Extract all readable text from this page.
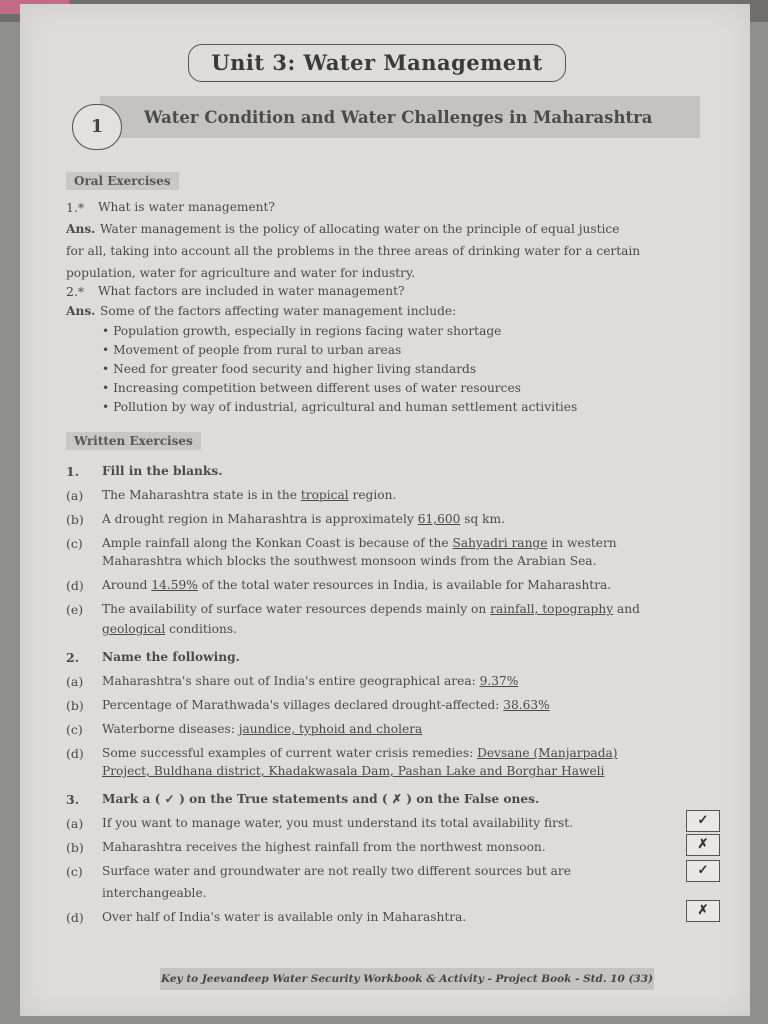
Unit 3: Water Management
1	Water Condition and Water Challenges in Maharashtra
Oral Exercises
1.* What is water management?
Ans. Water management is the policy of allocating water on the principle of equal justice
for all, taking into account all the problems in the three areas of drinking water for a certain
population, water for agriculture and water for industry.
2.* What factors are included in water management?
Ans. Some of the factors affecting water management include:
• Population growth, especially in regions facing water shortage
• Movement of people from rural to urban areas
• Need for greater food security and higher living standards
• Increasing competition between different uses of water resources
• Pollution by way of industrial, agricultural and human settlement activities
Written Exercises
1. Fill in the blanks.
(a) The Maharashtra state is in the tropical region.
(b) A drought region in Maharashtra is approximately 61,600 sq km.
(c) Ample rainfall along the Konkan Coast is because of the Sahyadri range in western
Maharashtra which blocks the southwest monsoon winds from the Arabian Sea.
(d) Around 14.59% of the total water resources in India, is available for Maharashtra.
(e) The availability of surface water resources depends mainly on rainfall, topography and
geological conditions.
2. Name the following.
(a) Maharashtra's share out of India's entire geographical area: 9.37%
(b) Percentage of Marathwada's villages declared drought-affected: 38.63%
(c) Waterborne diseases: jaundice, typhoid and cholera
(d) Some successful examples of current water crisis remedies: Devsane (Manjarpada)
Project, Buldhana district, Khadakwasala Dam, Pashan Lake and Borghar Haweli
3. Mark a ( ✓ ) on the True statements and ( ✗ ) on the False ones.
(a) If you want to manage water, you must understand its total availability first.	✓
(b) Maharashtra receives the highest rainfall from the northwest monsoon.	✗
(c) Surface water and groundwater are not really two different sources but are
interchangeable.
✓
(d) Over half of India's water is available only in Maharashtra.	✗
Key to Jeevandeep Water Security Workbook & Activity - Project Book - Std. 10 (33)
